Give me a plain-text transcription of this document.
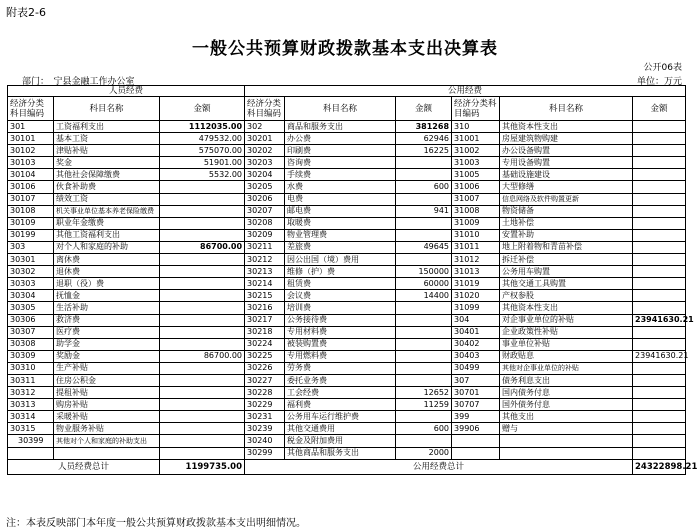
附表2-6
一般公共预算财政拨款基本支出决算表
公开06表
部门：　宁县金融工作办公室	单位：万元
人员经费			公用经费					
经济分类科目编码	科目名称	金额	经济分类科目编码	科目名称	金额	经济分类科目编码	科目名称	金额
301	工资福利支出	1112035.00	302	商品和服务支出	381268	310	其他资本性支出	
30101	基本工资	479532.00	30201	办公费	62946	31001	房屋建筑物购建	
30102	津贴补贴	575070.00	30202	印刷费	16225	31002	办公设备购置	
30103	奖金	51901.00	30203	咨询费		31003	专用设备购置	
30104	其他社会保障缴费	5532.00	30204	手续费		31005	基础设施建设	
30106	伙食补助费		30205	水费	600	31006	大型修缮	
30107	绩效工资		30206	电费		31007	信息网络及软件购置更新	
30108	机关事业单位基本养老保险缴费		30207	邮电费	941	31008	物资储备	
30109	职业年金缴费		30208	取暖费		31009	土地补偿	
30199	其他工资福利支出		30209	物业管理费		31010	安置补助	
303	对个人和家庭的补助	86700.00	30211	差旅费	49645	31011	地上附着物和青苗补偿	
30301	离休费		30212	因公出国（境）费用		31012	拆迁补偿	
30302	退休费		30213	维修（护）费	150000	31013	公务用车购置	
30303	退职（役）费		30214	租赁费	60000	31019	其他交通工具购置	
30304	抚恤金		30215	会议费	14400	31020	产权参股	
30305	生活补助		30216	培训费		31099	其他资本性支出	
30306	救济费		30217	公务接待费		304	对企事业单位的补贴	23941630.21
30307	医疗费		30218	专用材料费		30401	企业政策性补贴	
30308	助学金		30224	被装购置费		30402	事业单位补贴	
30309	奖励金	86700.00	30225	专用燃料费		30403	财政贴息	23941630.21
30310	生产补贴		30226	劳务费		30499	其他对企事业单位的补贴	
30311	住房公积金		30227	委托业务费		307	债务利息支出	
30312	提租补贴		30228	工会经费	12652	30701	国内债务付息	
30313	购房补贴		30229	福利费	11259	30707	国外债务付息	
30314	采暖补贴		30231	公务用车运行维护费		399	其他支出	
30315	物业服务补贴		30239	其他交通费用	600	39906	赠与	
30399	其他对个人和家庭的补助支出		30240	税金及附加费用				
			30299	其他商品和服务支出	2000			
人员经费总计		1199735.00	公用经费总计					24322898.21
注：本表反映部门本年度一般公共预算财政拨款基本支出明细情况。
